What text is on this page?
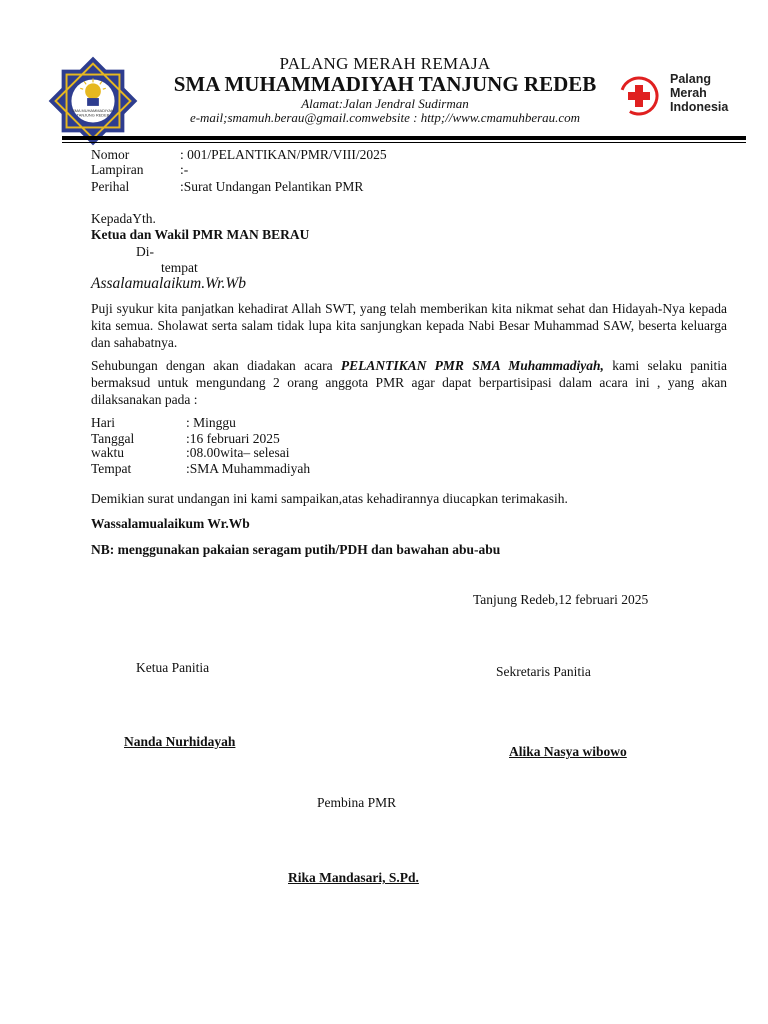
SMA MUHAMMADIYAH
TANJUNG REDEB
PALANG MERAH REMAJA
SMA MUHAMMADIYAH TANJUNG REDEB
Alamat:Jalan Jendral Sudirman
e-mail;smamuh.berau@gmail.comwebsite : http;//www.cmamuhberau.com
Palang
Merah
Indonesia
Nomor	: 001/PELANTIKAN/PMR/VIII/2025
Lampiran	:-
Perihal	:Surat Undangan Pelantikan PMR
KepadaYth.
Ketua dan Wakil PMR MAN BERAU
Di-
tempat
Assalamualaikum.Wr.Wb
Puji syukur kita panjatkan kehadirat Allah SWT, yang telah memberikan kita nikmat sehat dan Hidayah-Nya kepada kita semua. Sholawat serta salam tidak lupa kita sanjungkan kepada Nabi Besar Muhammad SAW, beserta keluarga dan sahabatnya.
Sehubungan dengan akan diadakan acara PELANTIKAN PMR SMA Muhammadiyah, kami selaku panitia bermaksud untuk mengundang 2 orang anggota PMR agar dapat berpartisipasi dalam acara ini , yang akan dilaksanakan pada :
Hari	: Minggu
Tanggal	:16 februari 2025
waktu	:08.00wita– selesai
Tempat	:SMA Muhammadiyah
Demikian surat undangan ini kami sampaikan,atas kehadirannya diucapkan terimakasih.
Wassalamualaikum Wr.Wb
NB: menggunakan pakaian seragam putih/PDH dan bawahan abu-abu
Tanjung Redeb,12 februari 2025
Ketua Panitia
Nanda Nurhidayah
Sekretaris Panitia
Alika Nasya wibowo
Pembina PMR
Rika Mandasari, S.Pd.
